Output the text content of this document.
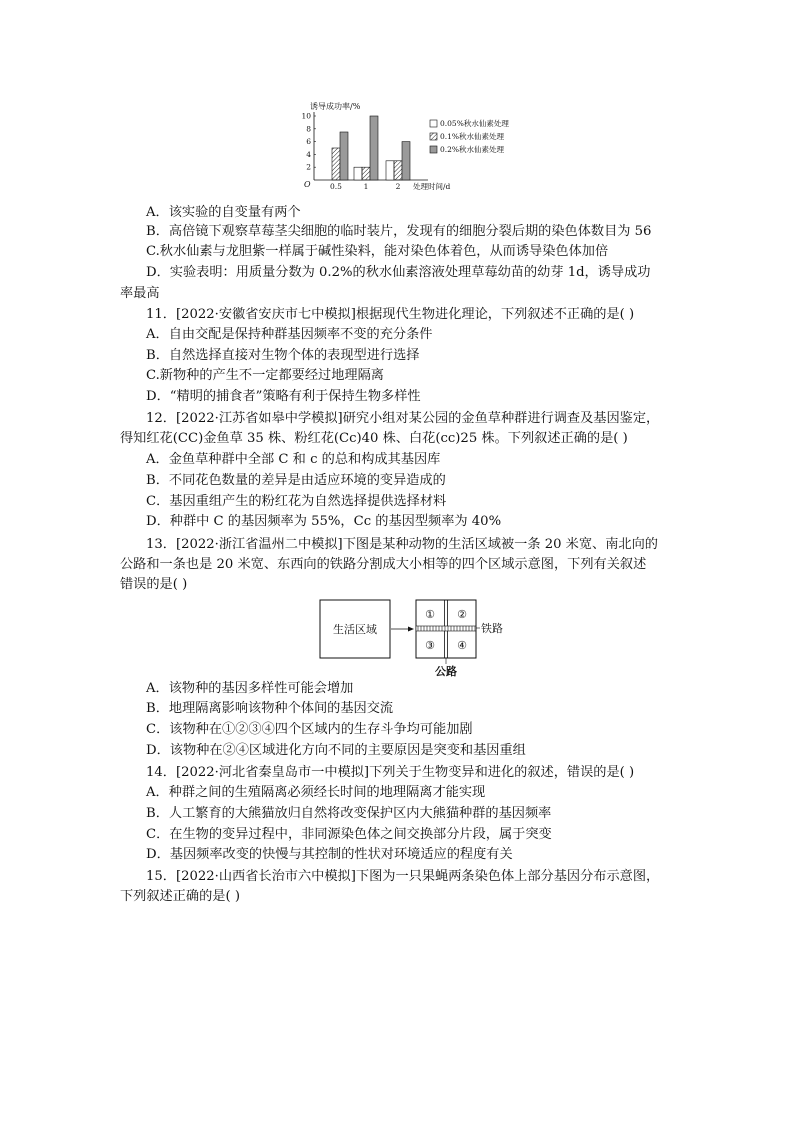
诱导成功率/%
O
2
4
6
8
10
0.5	1	2 处理时间/d
0.05%秋水仙素处理
0.1%秋水仙素处理
0.2%秋水仙素处理
A．该实验的自变量有两个
B．高倍镜下观察草莓茎尖细胞的临时装片，发现有的细胞分裂后期的染色体数目为 56
C.秋水仙素与龙胆紫一样属于碱性染料，能对染色体着色，从而诱导染色体加倍
D．实验表明：用质量分数为 0.2%的秋水仙素溶液处理草莓幼苗的幼芽 1d，诱导成功
率最高
11．[2022·安徽省安庆市七中模拟]根据现代生物进化理论，下列叙述不正确的是( )
A．自由交配是保持种群基因频率不变的充分条件
B．自然选择直接对生物个体的表现型进行选择
C.新物种的产生不一定都要经过地理隔离
D．“精明的捕食者”策略有利于保持生物多样性
12．[2022·江苏省如皋中学模拟]研究小组对某公园的金鱼草种群进行调查及基因鉴定，
得知红花(CC)金鱼草 35 株、粉红花(Cc)40 株、白花(cc)25 株。下列叙述正确的是( )
A．金鱼草种群中全部 C 和 c 的总和构成其基因库
B．不同花色数量的差异是由适应环境的变异造成的
C．基因重组产生的粉红花为自然选择提供选择材料
D．种群中 C 的基因频率为 55%，Cc 的基因型频率为 40%
13．[2022·浙江省温州二中模拟]下图是某种动物的生活区域被一条 20 米宽、南北向的
公路和一条也是 20 米宽、东西向的铁路分割成大小相等的四个区域示意图，下列有关叙述
错误的是( )
生活区域
① ②
③ ④
铁路
公路
A．该物种的基因多样性可能会增加
B．地理隔离影响该物种个体间的基因交流
C．该物种在①②③④四个区域内的生存斗争均可能加剧
D．该物种在②④区域进化方向不同的主要原因是突变和基因重组
14．[2022·河北省秦皇岛市一中模拟]下列关于生物变异和进化的叙述，错误的是( )
A．种群之间的生殖隔离必须经长时间的地理隔离才能实现
B．人工繁育的大熊猫放归自然将改变保护区内大熊猫种群的基因频率
C．在生物的变异过程中，非同源染色体之间交换部分片段，属于突变
D．基因频率改变的快慢与其控制的性状对环境适应的程度有关
15．[2022·山西省长治市六中模拟]下图为一只果蝇两条染色体上部分基因分布示意图，
下列叙述正确的是( )
